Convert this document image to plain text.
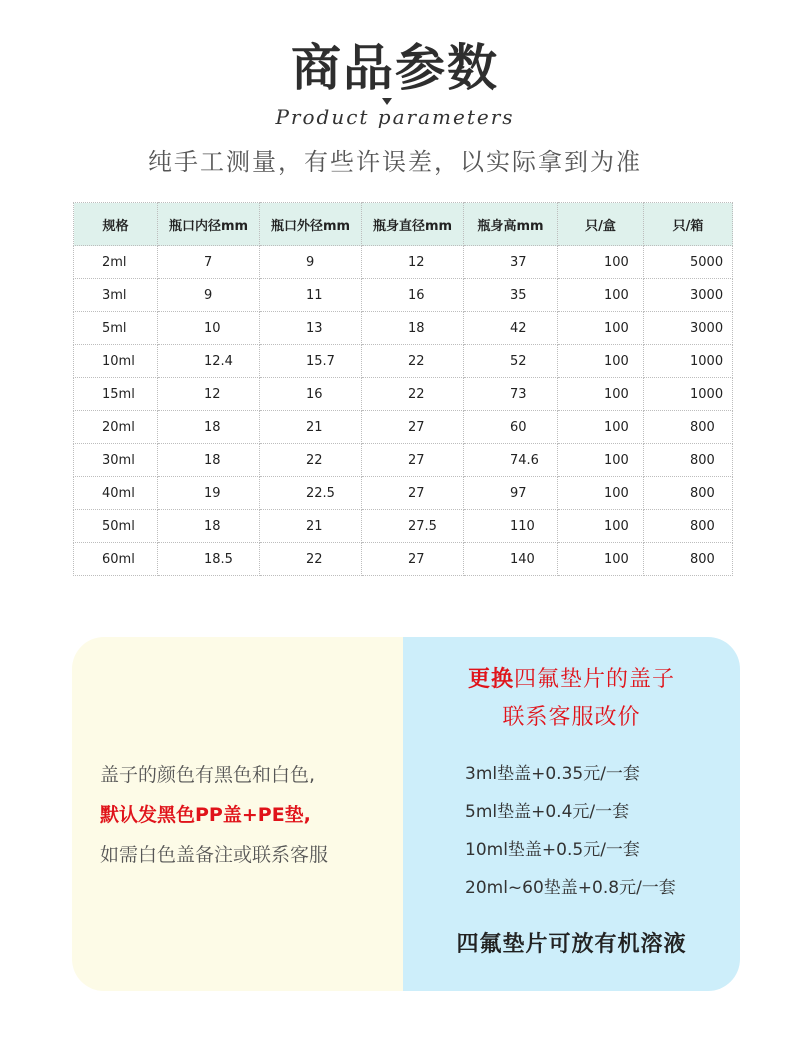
商品参数
Product parameters
纯手工测量，有些许误差，以实际拿到为准
规格	瓶口内径mm	瓶口外径mm	瓶身直径mm	瓶身高mm	只/盒	只/箱
2ml	7	9	12	37	100	5000
3ml	9	11	16	35	100	3000
5ml	10	13	18	42	100	3000
10ml	12.4	15.7	22	52	100	1000
15ml	12	16	22	73	100	1000
20ml	18	21	27	60	100	800
30ml	18	22	27	74.6	100	800
40ml	19	22.5	27	97	100	800
50ml	18	21	27.5	110	100	800
60ml	18.5	22	27	140	100	800
盖子的颜色有黑色和白色,
默认发黑色PP盖+PE垫,
如需白色盖备注或联系客服
更换四氟垫片的盖子
联系客服改价
3ml垫盖+0.35元/一套
5ml垫盖+0.4元/一套
10ml垫盖+0.5元/一套
20ml~60垫盖+0.8元/一套
四氟垫片可放有机溶液
